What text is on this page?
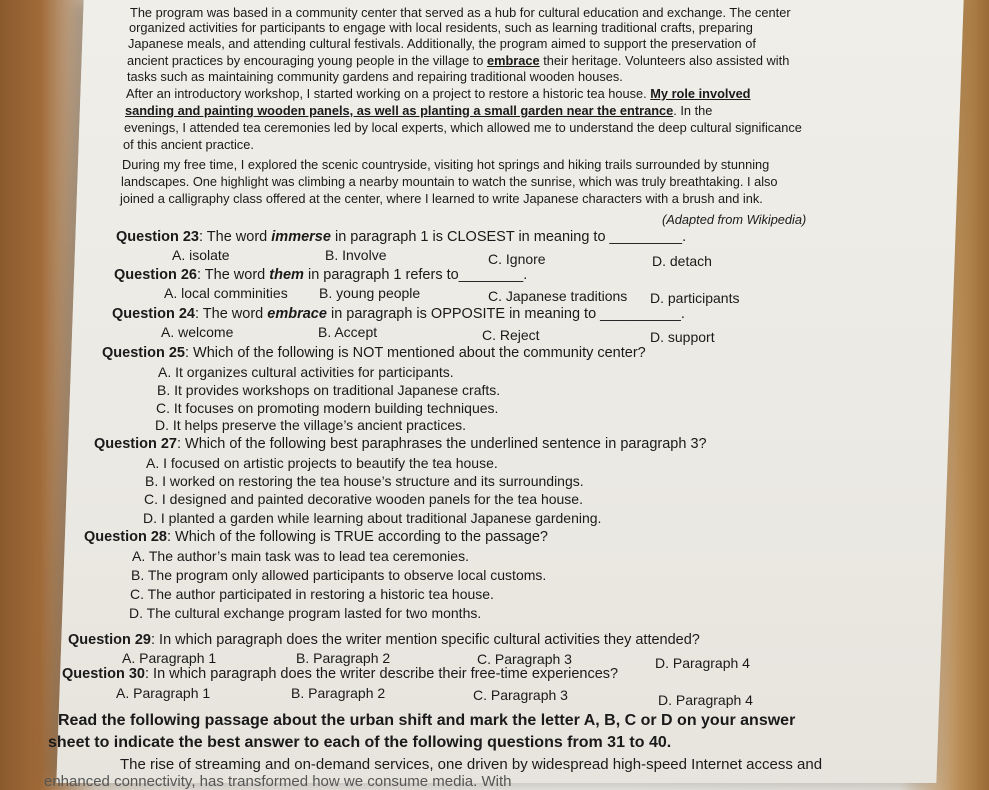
The program was based in a community center that served as a hub for cultural education and exchange. The center
organized activities for participants to engage with local residents, such as learning traditional crafts, preparing
Japanese meals, and attending cultural festivals. Additionally, the program aimed to support the preservation of
ancient practices by encouraging young people in the village to embrace their heritage. Volunteers also assisted with
tasks such as maintaining community gardens and repairing traditional wooden houses.
After an introductory workshop, I started working on a project to restore a historic tea house. My role involved
sanding and painting wooden panels, as well as planting a small garden near the entrance. In the
evenings, I attended tea ceremonies led by local experts, which allowed me to understand the deep cultural significance
of this ancient practice.
During my free time, I explored the scenic countryside, visiting hot springs and hiking trails surrounded by stunning
landscapes. One highlight was climbing a nearby mountain to watch the sunrise, which was truly breathtaking. I also
joined a calligraphy class offered at the center, where I learned to write Japanese characters with a brush and ink.
(Adapted from Wikipedia)
Question 23: The word immerse in paragraph 1 is CLOSEST in meaning to _________.
A. isolate	B. Involve	C. Ignore	D. detach
Question 26: The word them in paragraph 1 refers to________.
A. local comminities B. young people	C. Japanese traditions D. participants
Question 24: The word embrace in paragraph is OPPOSITE in meaning to __________.
A. welcome	B. Accept	C. Reject	D. support
Question 25: Which of the following is NOT mentioned about the community center?
A. It organizes cultural activities for participants.
B. It provides workshops on traditional Japanese crafts.
C. It focuses on promoting modern building techniques.
D. It helps preserve the village’s ancient practices.
Question 27: Which of the following best paraphrases the underlined sentence in paragraph 3?
A. I focused on artistic projects to beautify the tea house.
B. I worked on restoring the tea house’s structure and its surroundings.
C. I designed and painted decorative wooden panels for the tea house.
D. I planted a garden while learning about traditional Japanese gardening.
Question 28: Which of the following is TRUE according to the passage?
A. The author’s main task was to lead tea ceremonies.
B. The program only allowed participants to observe local customs.
C. The author participated in restoring a historic tea house.
D. The cultural exchange program lasted for two months.
Question 29: In which paragraph does the writer mention specific cultural activities they attended?
A. Paragraph 1	B. Paragraph 2	C. Paragraph 3	D. Paragraph 4
Question 30: In which paragraph does the writer describe their free-time experiences?
A. Paragraph 1	B. Paragraph 2	C. Paragraph 3	D. Paragraph 4
Read the following passage about the urban shift and mark the letter A, B, C or D on your answer
sheet to indicate the best answer to each of the following questions from 31 to 40.
The rise of streaming and on-demand services, one driven by widespread high-speed Internet access and
enhanced connectivity, has transformed how we consume media. With
